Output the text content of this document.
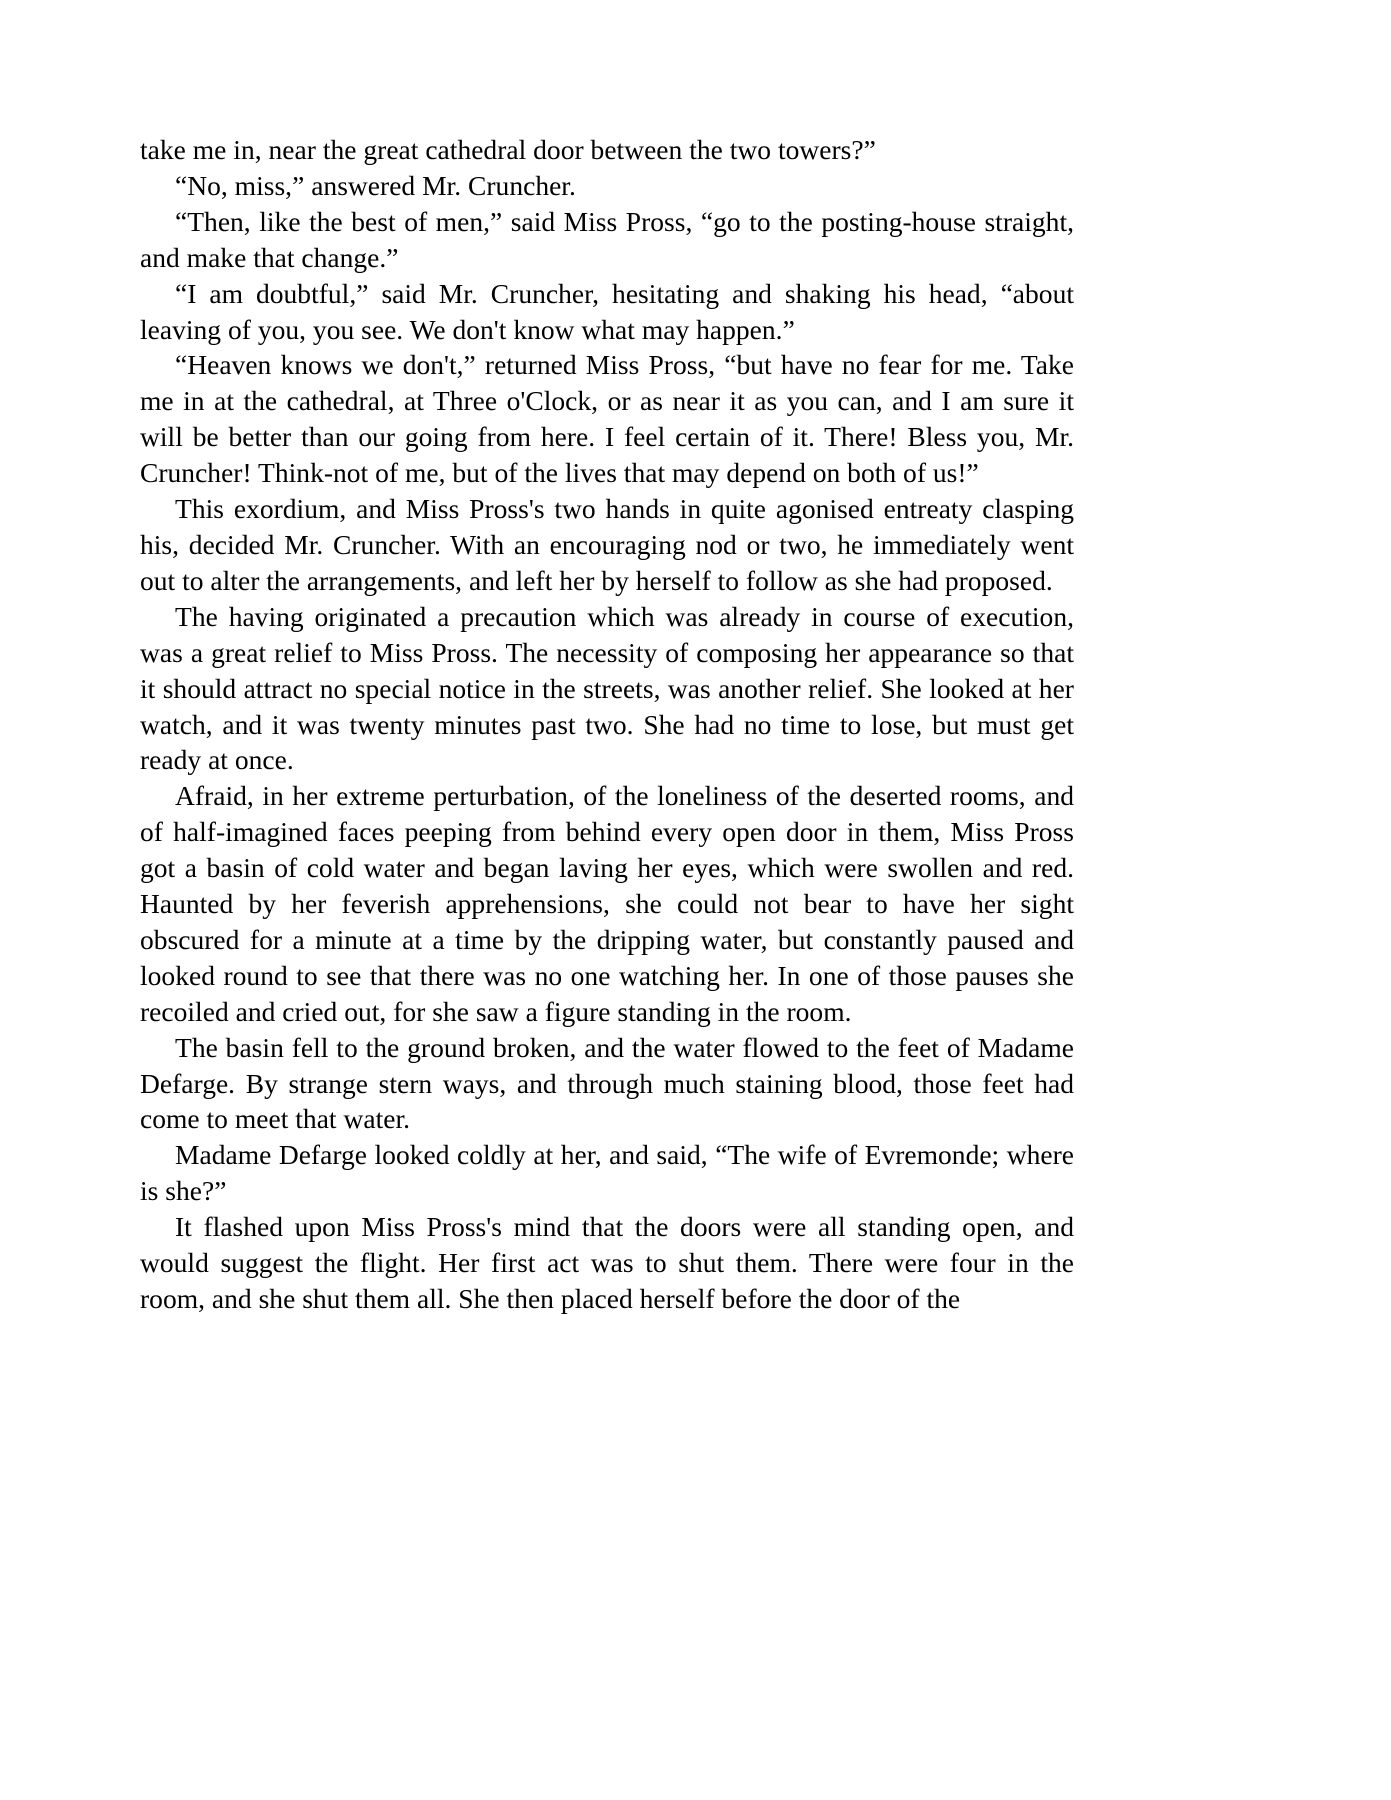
take me in, near the great cathedral door between the two towers?”

“No, miss,” answered Mr. Cruncher.

“Then, like the best of men,” said Miss Pross, “go to the posting-house straight, and make that change.”

“I am doubtful,” said Mr. Cruncher, hesitating and shaking his head, “about leaving of you, you see. We don't know what may happen.”

“Heaven knows we don't,” returned Miss Pross, “but have no fear for me. Take me in at the cathedral, at Three o'Clock, or as near it as you can, and I am sure it will be better than our going from here. I feel certain of it. There! Bless you, Mr. Cruncher! Think-not of me, but of the lives that may depend on both of us!”

This exordium, and Miss Pross's two hands in quite agonised entreaty clasping his, decided Mr. Cruncher. With an encouraging nod or two, he immediately went out to alter the arrangements, and left her by herself to follow as she had proposed.

The having originated a precaution which was already in course of execution, was a great relief to Miss Pross. The necessity of composing her appearance so that it should attract no special notice in the streets, was another relief. She looked at her watch, and it was twenty minutes past two. She had no time to lose, but must get ready at once.

Afraid, in her extreme perturbation, of the loneliness of the deserted rooms, and of half-imagined faces peeping from behind every open door in them, Miss Pross got a basin of cold water and began laving her eyes, which were swollen and red. Haunted by her feverish apprehensions, she could not bear to have her sight obscured for a minute at a time by the dripping water, but constantly paused and looked round to see that there was no one watching her. In one of those pauses she recoiled and cried out, for she saw a figure standing in the room.

The basin fell to the ground broken, and the water flowed to the feet of Madame Defarge. By strange stern ways, and through much staining blood, those feet had come to meet that water.

Madame Defarge looked coldly at her, and said, “The wife of Evremonde; where is she?”

It flashed upon Miss Pross's mind that the doors were all standing open, and would suggest the flight. Her first act was to shut them. There were four in the room, and she shut them all. She then placed herself before the door of the
